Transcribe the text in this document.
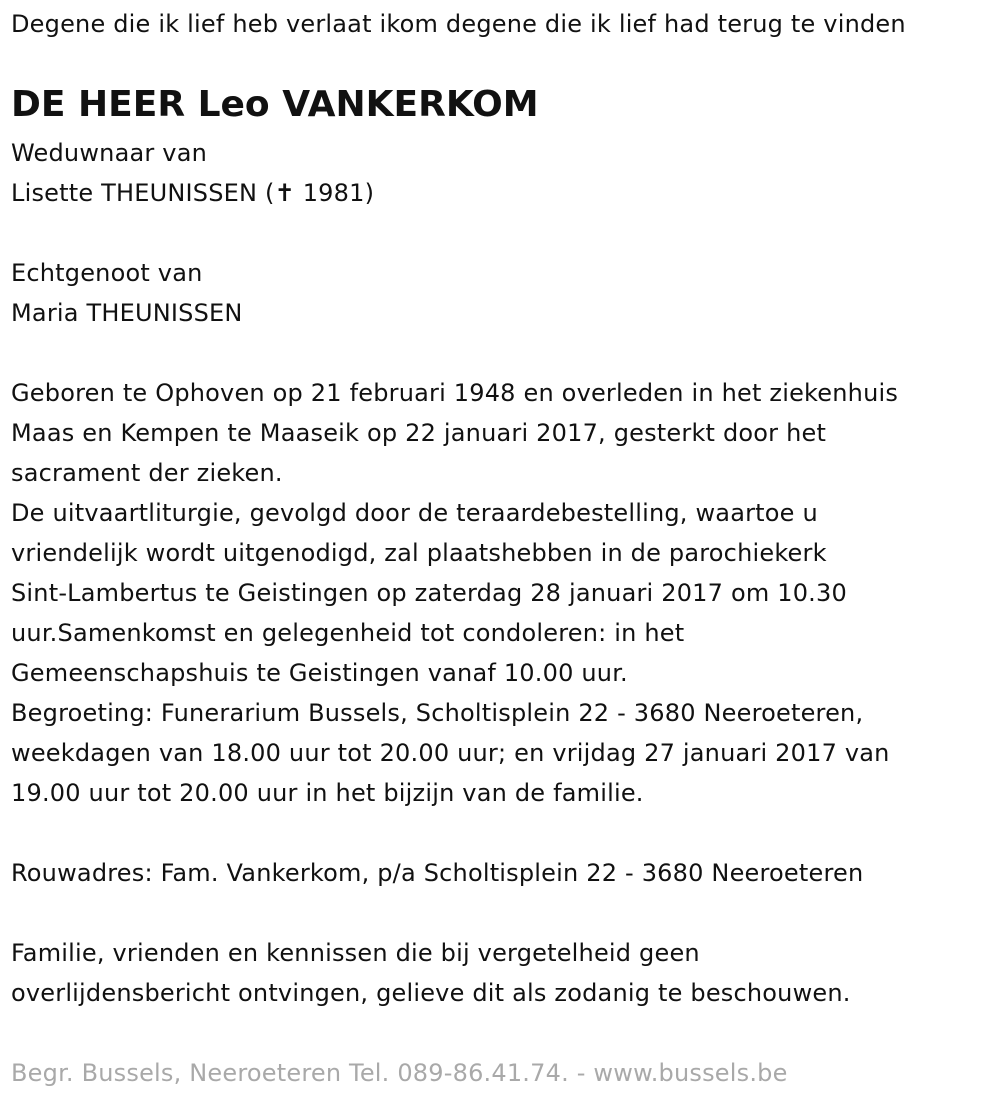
Degene die ik lief heb verlaat ikom degene die ik lief had terug te vinden
DE HEER Leo VANKERKOM
Weduwnaar van
Lisette THEUNISSEN (✝ 1981)
Echtgenoot van
Maria THEUNISSEN
Geboren te Ophoven op 21 februari 1948 en overleden in het ziekenhuis
Maas en Kempen te Maaseik op 22 januari 2017, gesterkt door het
sacrament der zieken.
De uitvaartliturgie, gevolgd door de teraardebestelling, waartoe u
vriendelijk wordt uitgenodigd, zal plaatshebben in de parochiekerk
Sint-Lambertus te Geistingen op zaterdag 28 januari 2017 om 10.30
uur.Samenkomst en gelegenheid tot condoleren: in het
Gemeenschapshuis te Geistingen vanaf 10.00 uur.
Begroeting: Funerarium Bussels, Scholtisplein 22 - 3680 Neeroeteren,
weekdagen van 18.00 uur tot 20.00 uur; en vrijdag 27 januari 2017 van
19.00 uur tot 20.00 uur in het bijzijn van de familie.
Rouwadres: Fam. Vankerkom, p/a Scholtisplein 22 - 3680 Neeroeteren
Familie, vrienden en kennissen die bij vergetelheid geen
overlijdensbericht ontvingen, gelieve dit als zodanig te beschouwen.
Begr. Bussels, Neeroeteren Tel. 089-86.41.74. - www.bussels.be
